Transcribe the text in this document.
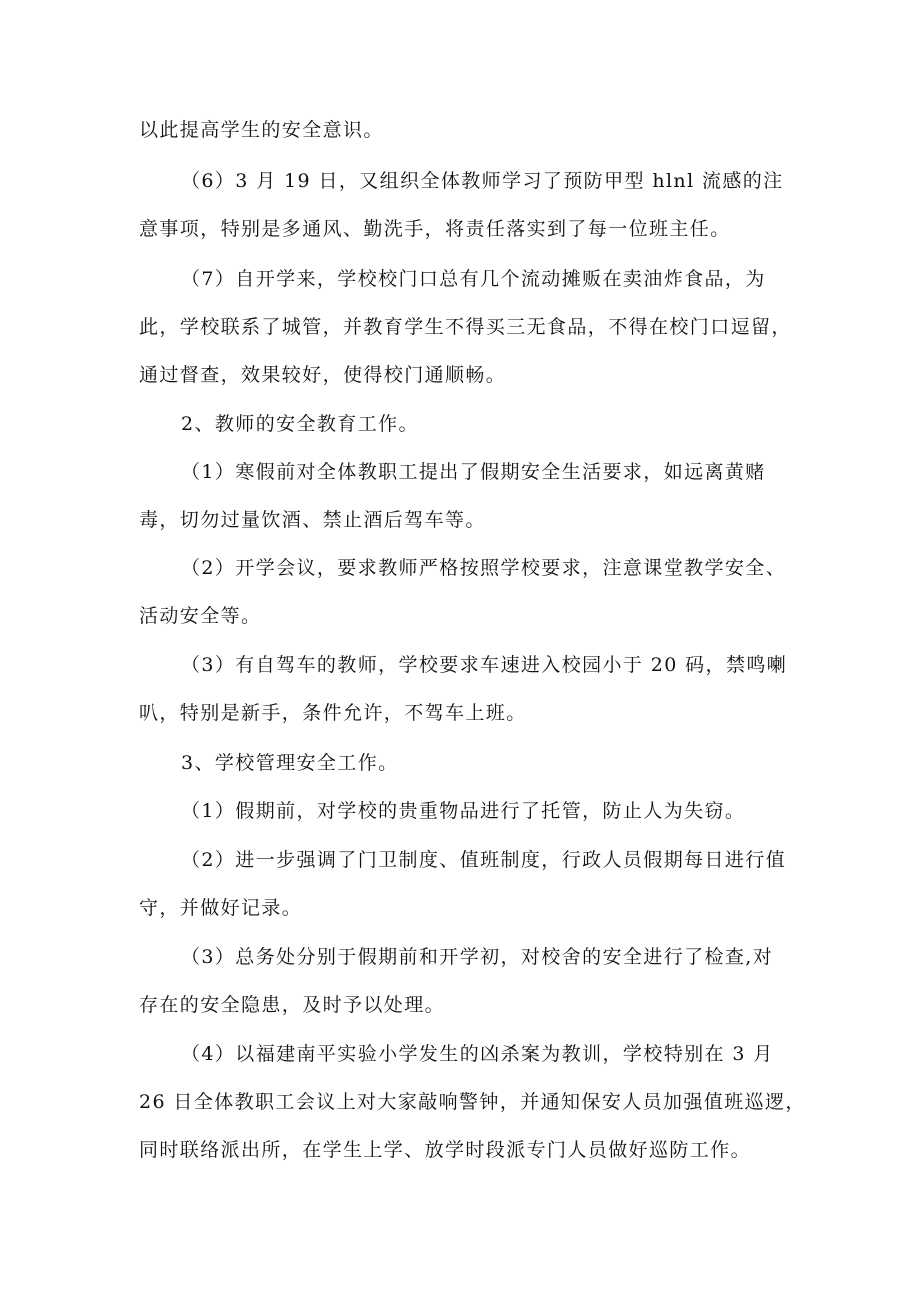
以此提高学生的安全意识。

（6）3 月 19 日，又组织全体教师学习了预防甲型 hlnl 流感的注
意事项，特别是多通风、勤洗手，将责任落实到了每一位班主任。

（7）自开学来，学校校门口总有几个流动摊贩在卖油炸食品，为
此，学校联系了城管，并教育学生不得买三无食品，不得在校门口逗留，
通过督查，效果较好，使得校门通顺畅。

2、教师的安全教育工作。

（1）寒假前对全体教职工提出了假期安全生活要求，如远离黄赌
毒，切勿过量饮酒、禁止酒后驾车等。

（2）开学会议，要求教师严格按照学校要求，注意课堂教学安全、
活动安全等。

（3）有自驾车的教师，学校要求车速进入校园小于 20 码，禁鸣喇
叭，特别是新手，条件允许，不驾车上班。

3、学校管理安全工作。

（1）假期前，对学校的贵重物品进行了托管，防止人为失窃。

（2）进一步强调了门卫制度、值班制度，行政人员假期每日进行值
守，并做好记录。

（3）总务处分别于假期前和开学初，对校舍的安全进行了检查,对
存在的安全隐患，及时予以处理。

（4）以福建南平实验小学发生的凶杀案为教训，学校特别在 3 月
26 日全体教职工会议上对大家敲响警钟，并通知保安人员加强值班巡逻，
同时联络派出所，在学生上学、放学时段派专门人员做好巡防工作。
